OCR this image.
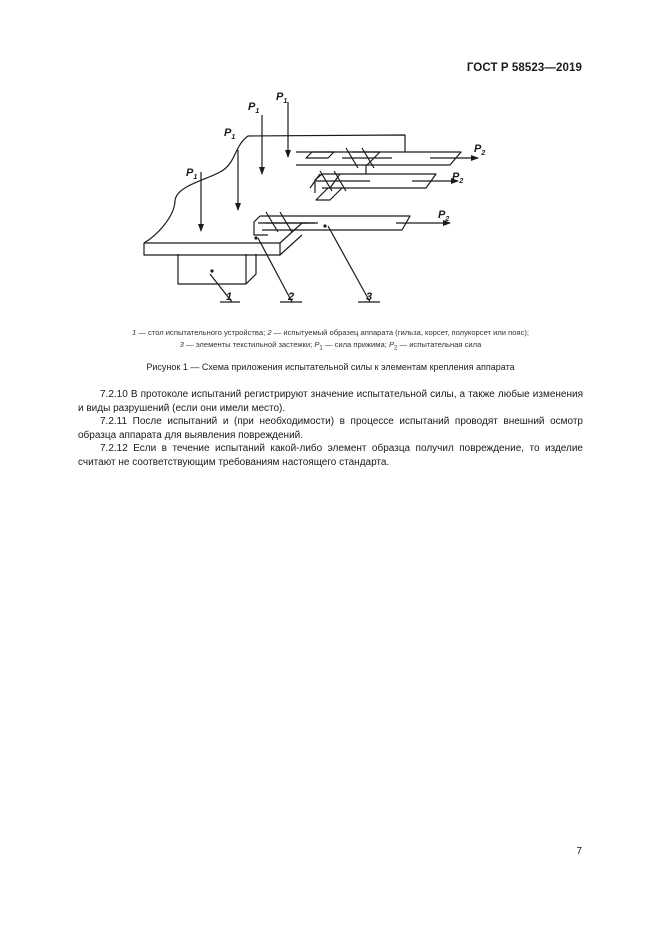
ГОСТ Р 58523—2019
$P_1$
$P_1$
$P_1$
$P_1$
$P_2$
$P_2$
$P_2$
1	2	3
1 — стол испытательного устройства; 2 — испытуемый образец аппарата (гильза, корсет, полукорсет или пояс);
3 — элементы текстильной застежки; $P_1$ — сила прижима; $P_2$ — испытательная сила
Рисунок 1 — Схема приложения испытательной силы к элементам крепления аппарата

7.2.10 В протоколе испытаний регистрируют значение испытательной силы, а также любые изменения и виды разрушений (если они имели место).

7.2.11 После испытаний и (при необходимости) в процессе испытаний проводят внешний осмотр образца аппарата для выявления повреждений.

7.2.12 Если в течение испытаний какой-либо элемент образца получил повреждение, то изделие считают не соответствующим требованиям настоящего стандарта.

7
